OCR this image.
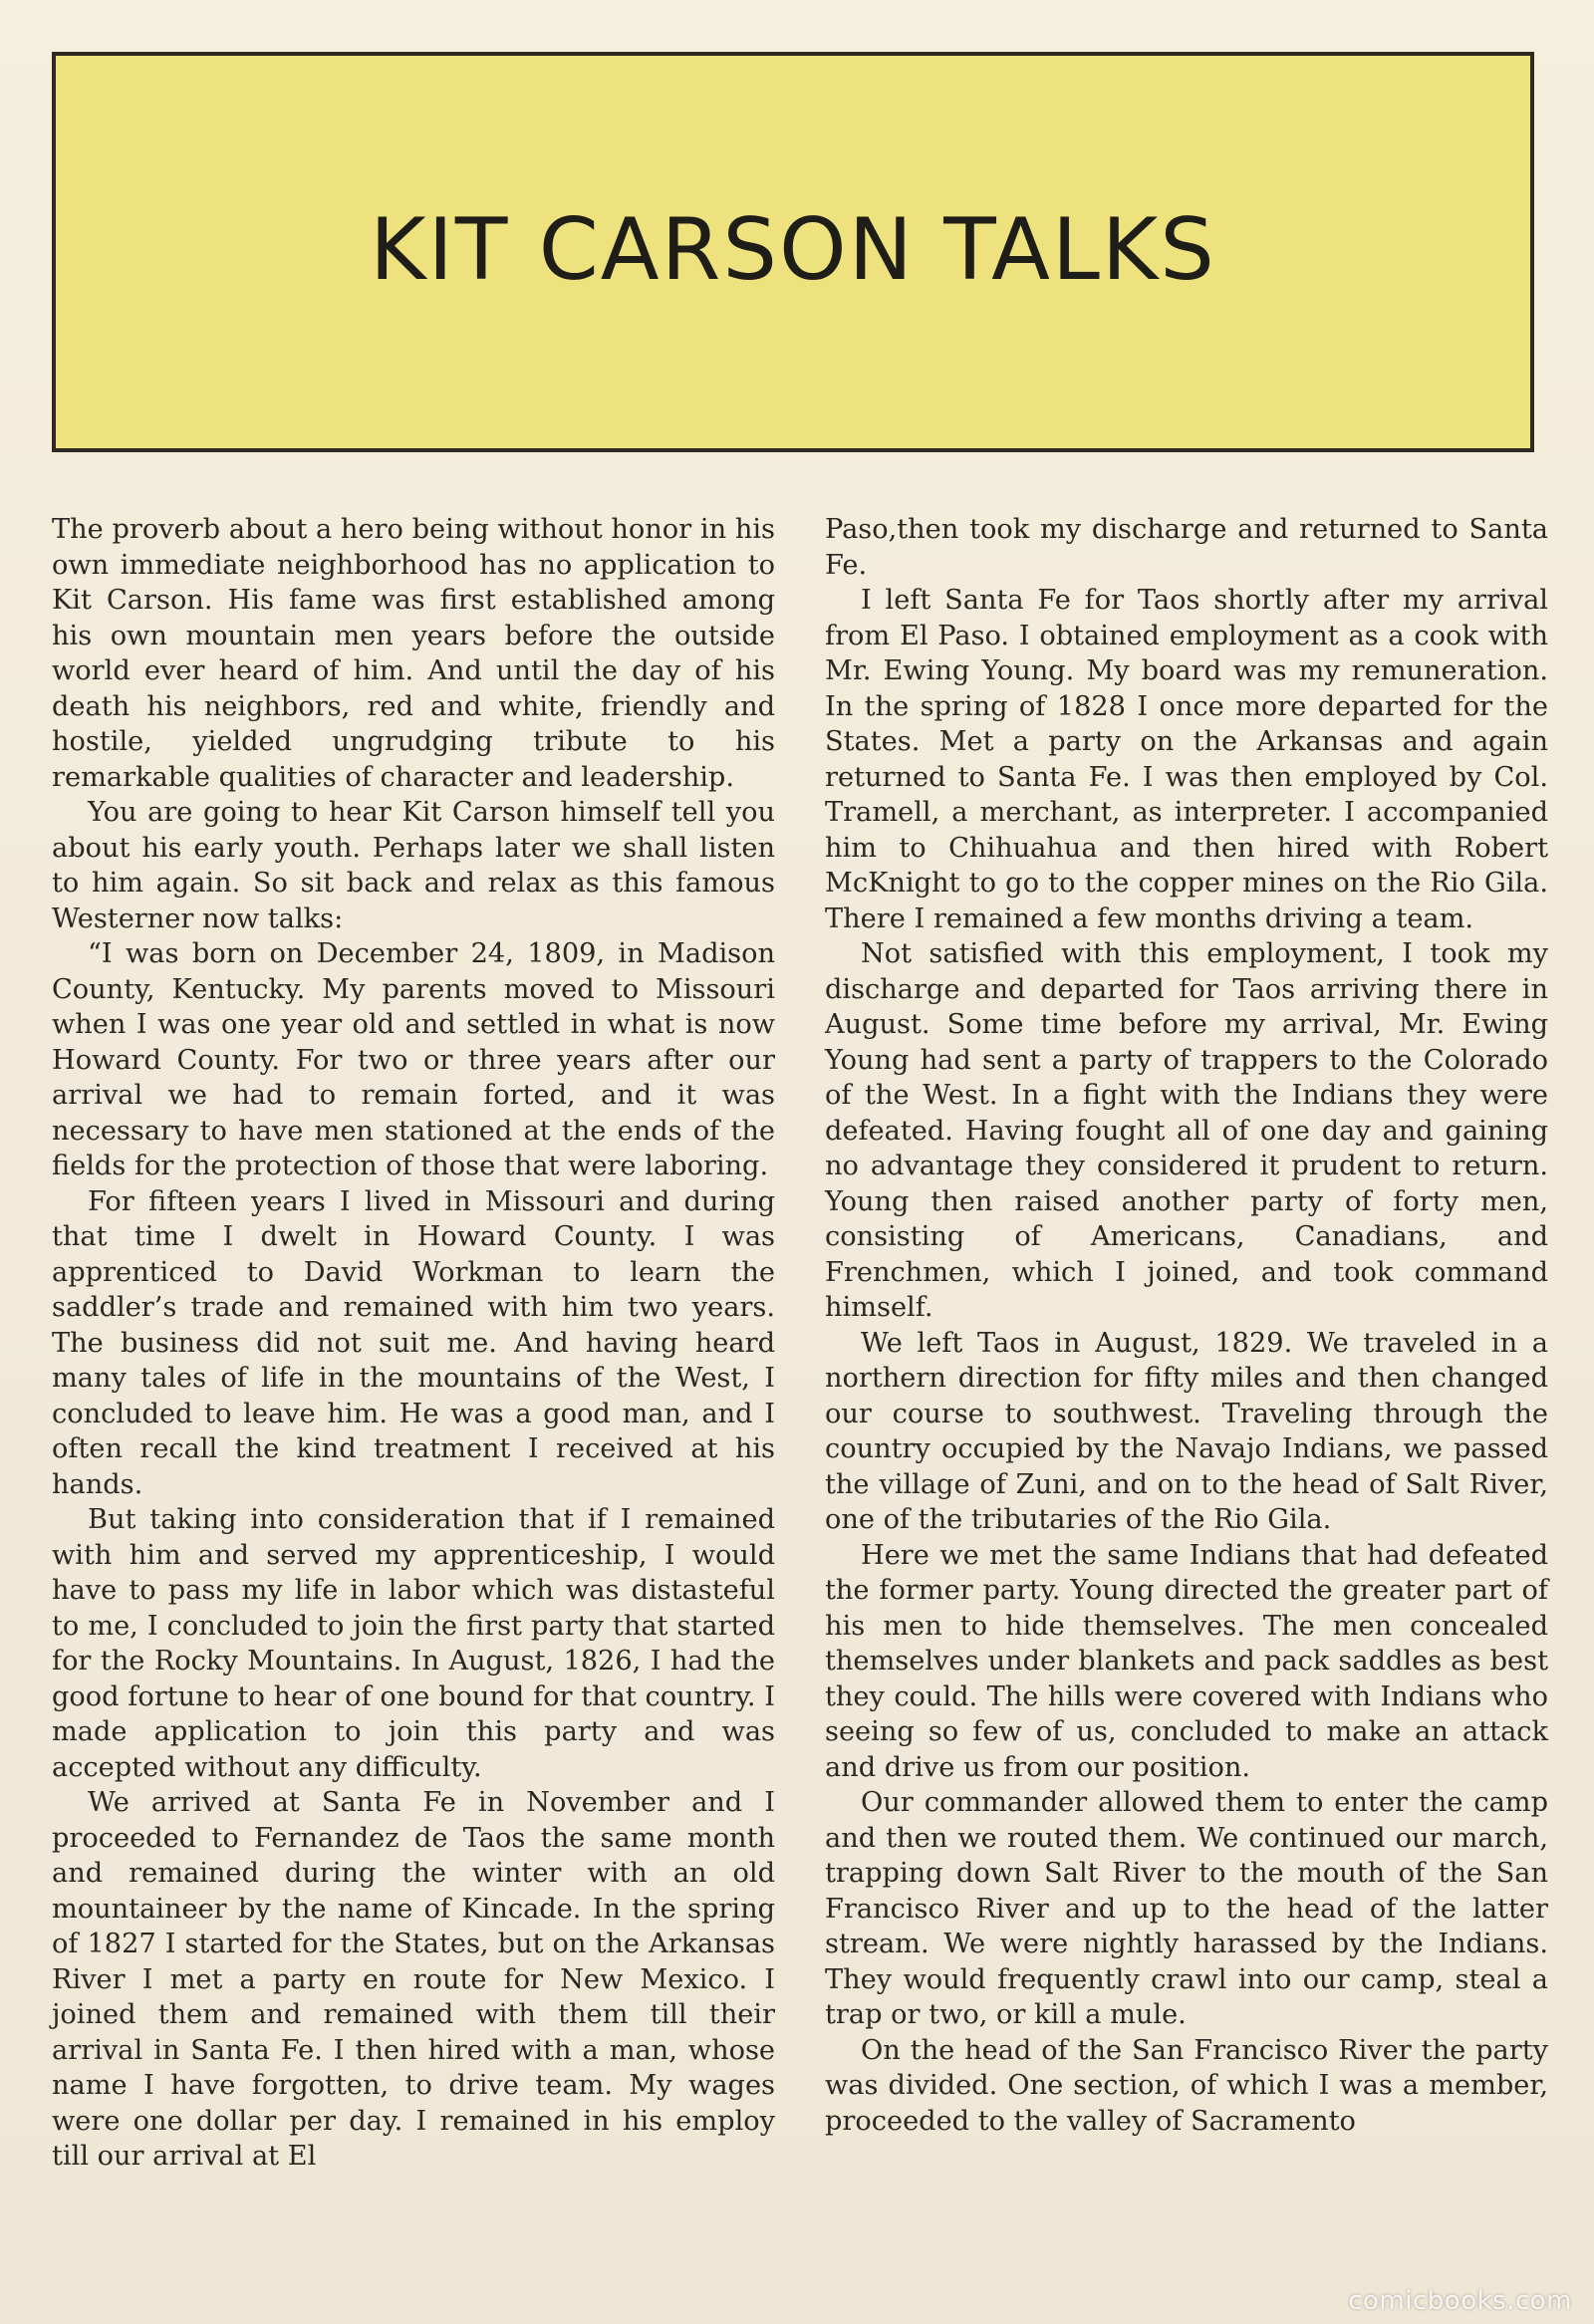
KIT CARSON TALKS

The proverb about a hero being without honor in his own immediate neighborhood has no application to Kit Carson. His fame was first established among his own mountain men years before the outside world ever heard of him. And until the day of his death his neighbors, red and white, friendly and hostile, yielded ungrudging tribute to his remarkable qualities of character and leadership.

You are going to hear Kit Carson himself tell you about his early youth. Perhaps later we shall listen to him again. So sit back and relax as this famous Westerner now talks:

“I was born on December 24, 1809, in Madison County, Kentucky. My parents moved to Missouri when I was one year old and settled in what is now Howard County. For two or three years after our arrival we had to remain forted, and it was necessary to have men stationed at the ends of the fields for the protection of those that were laboring.

For fifteen years I lived in Missouri and during that time I dwelt in Howard County. I was apprenticed to David Workman to learn the saddler’s trade and remained with him two years. The business did not suit me. And having heard many tales of life in the mountains of the West, I concluded to leave him. He was a good man, and I often recall the kind treatment I received at his hands.

But taking into consideration that if I remained with him and served my apprenticeship, I would have to pass my life in labor which was distasteful to me, I concluded to join the first party that started for the Rocky Mountains. In August, 1826, I had the good fortune to hear of one bound for that country. I made application to join this party and was accepted without any difficulty.

We arrived at Santa Fe in November and I proceeded to Fernandez de Taos the same month and remained during the winter with an old mountaineer by the name of Kincade. In the spring of 1827 I started for the States, but on the Arkansas River I met a party en route for New Mexico. I joined them and remained with them till their arrival in Santa Fe. I then hired with a man, whose name I have forgotten, to drive team. My wages were one dollar per day. I remained in his employ till our arrival at El

Paso,then took my discharge and returned to Santa Fe.

I left Santa Fe for Taos shortly after my arrival from El Paso. I obtained employment as a cook with Mr. Ewing Young. My board was my remuneration. In the spring of 1828 I once more departed for the States. Met a party on the Arkansas and again returned to Santa Fe. I was then employed by Col. Tramell, a merchant, as interpreter. I accompanied him to Chihuahua and then hired with Robert McKnight to go to the copper mines on the Rio Gila. There I remained a few months driving a team.

Not satisfied with this employment, I took my discharge and departed for Taos arriving there in August. Some time before my arrival, Mr. Ewing Young had sent a party of trappers to the Colorado of the West. In a fight with the Indians they were defeated. Having fought all of one day and gaining no advantage they considered it prudent to return. Young then raised another party of forty men, consisting of Americans, Canadians, and Frenchmen, which I joined, and took command himself.

We left Taos in August, 1829. We traveled in a northern direction for fifty miles and then changed our course to southwest. Traveling through the country occupied by the Navajo Indians, we passed the village of Zuni, and on to the head of Salt River, one of the tributaries of the Rio Gila.

Here we met the same Indians that had defeated the former party. Young directed the greater part of his men to hide themselves. The men concealed themselves under blankets and pack saddles as best they could. The hills were covered with Indians who seeing so few of us, concluded to make an attack and drive us from our position.

Our commander allowed them to enter the camp and then we routed them. We continued our march, trapping down Salt River to the mouth of the San Francisco River and up to the head of the latter stream. We were nightly harassed by the Indians. They would frequently crawl into our camp, steal a trap or two, or kill a mule.

On the head of the San Francisco River the party was divided. One section, of which I was a member, proceeded to the valley of Sacramento

comicbooks.com
